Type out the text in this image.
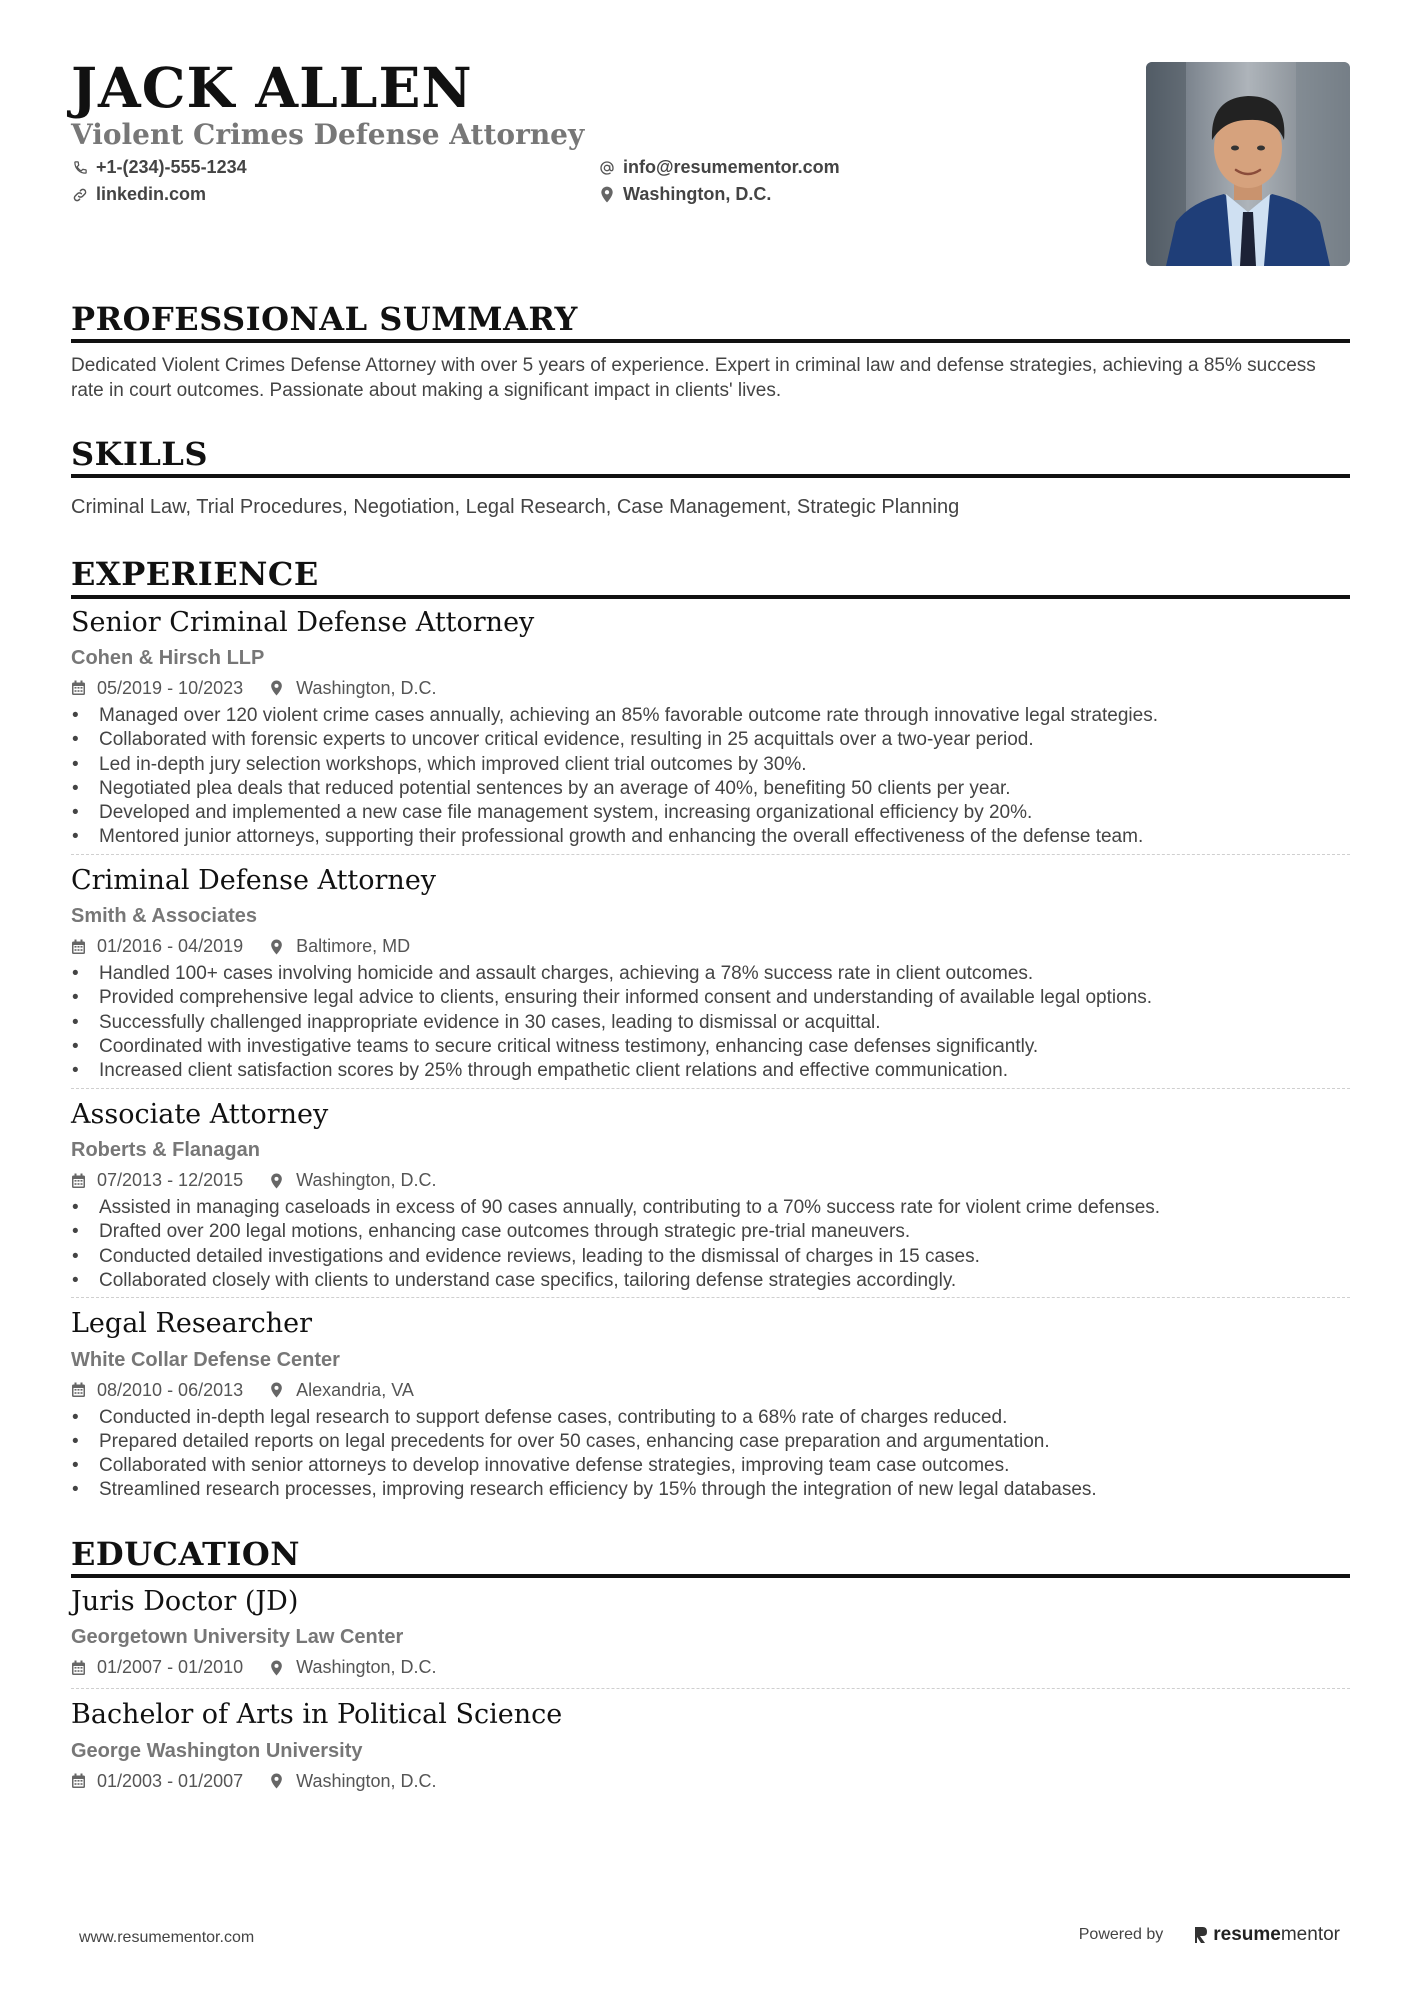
JACK ALLEN
Violent Crimes Defense Attorney
+1-(234)-555-1234	info@resumementor.com
linkedin.com	Washington, D.C.
PROFESSIONAL SUMMARY
Dedicated Violent Crimes Defense Attorney with over 5 years of experience. Expert in criminal law and defense strategies, achieving a 85% success rate in court outcomes. Passionate about making a significant impact in clients' lives.
SKILLS
Criminal Law, Trial Procedures, Negotiation, Legal Research, Case Management, Strategic Planning
EXPERIENCE
Senior Criminal Defense Attorney
Cohen & Hirsch LLP
05/2019 - 10/2023	Washington, D.C.
• Managed over 120 violent crime cases annually, achieving an 85% favorable outcome rate through innovative legal strategies.
• Collaborated with forensic experts to uncover critical evidence, resulting in 25 acquittals over a two-year period.
• Led in-depth jury selection workshops, which improved client trial outcomes by 30%.
• Negotiated plea deals that reduced potential sentences by an average of 40%, benefiting 50 clients per year.
• Developed and implemented a new case file management system, increasing organizational efficiency by 20%.
• Mentored junior attorneys, supporting their professional growth and enhancing the overall effectiveness of the defense team.
Criminal Defense Attorney
Smith & Associates
01/2016 - 04/2019	Baltimore, MD
• Handled 100+ cases involving homicide and assault charges, achieving a 78% success rate in client outcomes.
• Provided comprehensive legal advice to clients, ensuring their informed consent and understanding of available legal options.
• Successfully challenged inappropriate evidence in 30 cases, leading to dismissal or acquittal.
• Coordinated with investigative teams to secure critical witness testimony, enhancing case defenses significantly.
• Increased client satisfaction scores by 25% through empathetic client relations and effective communication.
Associate Attorney
Roberts & Flanagan
07/2013 - 12/2015	Washington, D.C.
• Assisted in managing caseloads in excess of 90 cases annually, contributing to a 70% success rate for violent crime defenses.
• Drafted over 200 legal motions, enhancing case outcomes through strategic pre-trial maneuvers.
• Conducted detailed investigations and evidence reviews, leading to the dismissal of charges in 15 cases.
• Collaborated closely with clients to understand case specifics, tailoring defense strategies accordingly.
Legal Researcher
White Collar Defense Center
08/2010 - 06/2013	Alexandria, VA
• Conducted in-depth legal research to support defense cases, contributing to a 68% rate of charges reduced.
• Prepared detailed reports on legal precedents for over 50 cases, enhancing case preparation and argumentation.
• Collaborated with senior attorneys to develop innovative defense strategies, improving team case outcomes.
• Streamlined research processes, improving research efficiency by 15% through the integration of new legal databases.
EDUCATION
Juris Doctor (JD)
Georgetown University Law Center
01/2007 - 01/2010	Washington, D.C.
Bachelor of Arts in Political Science
George Washington University
01/2003 - 01/2007	Washington, D.C.
www.resumementor.com	Powered by	resume mentor
